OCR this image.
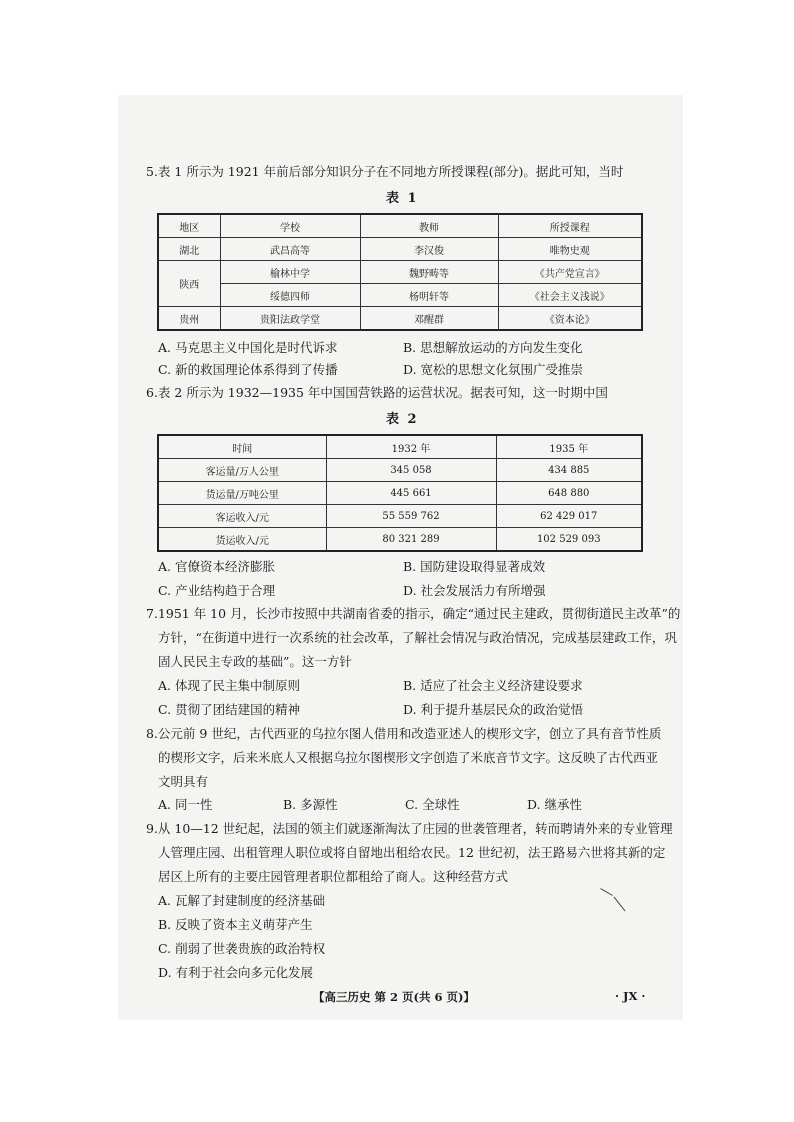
5.表 1 所示为 1921 年前后部分知识分子在不同地方所授课程(部分)。据此可知，当时
表 1
地区	学校	教师	所授课程
湖北	武昌高等	李汉俊	唯物史观
陕西	榆林中学	魏野畴等	《共产党宣言》
	绥德四师	杨明轩等	《社会主义浅说》
贵州	贵阳法政学堂	邓醒群	《资本论》
A. 马克思主义中国化是时代诉求	B. 思想解放运动的方向发生变化
C. 新的救国理论体系得到了传播	D. 宽松的思想文化氛围广受推崇
6.表 2 所示为 1932—1935 年中国国营铁路的运营状况。据表可知，这一时期中国
表 2
时间	1932 年	1935 年
客运量/万人公里	345 058	434 885
货运量/万吨公里	445 661	648 880
客运收入/元	55 559 762	62 429 017
货运收入/元	80 321 289	102 529 093
A. 官僚资本经济膨胀	B. 国防建设取得显著成效
C. 产业结构趋于合理	D. 社会发展活力有所增强
7.1951 年 10 月，长沙市按照中共湖南省委的指示，确定“通过民主建政，贯彻街道民主改革”的
方针，“在街道中进行一次系统的社会改革，了解社会情况与政治情况，完成基层建政工作，巩
固人民民主专政的基础”。这一方针
A. 体现了民主集中制原则	B. 适应了社会主义经济建设要求
C. 贯彻了团结建国的精神	D. 利于提升基层民众的政治觉悟
8.公元前 9 世纪，古代西亚的乌拉尔图人借用和改造亚述人的楔形文字，创立了具有音节性质
的楔形文字，后来米底人又根据乌拉尔图楔形文字创造了米底音节文字。这反映了古代西亚
文明具有
A. 同一性	B. 多源性	C. 全球性	D. 继承性
9.从 10—12 世纪起，法国的领主们就逐渐淘汰了庄园的世袭管理者，转而聘请外来的专业管理
人管理庄园、出租管理人职位或将自留地出租给农民。12 世纪初，法王路易六世将其新的定
居区上所有的主要庄园管理者职位都租给了商人。这种经营方式
A. 瓦解了封建制度的经济基础
B. 反映了资本主义萌芽产生
C. 削弱了世袭贵族的政治特权
D. 有利于社会向多元化发展
【高三历史 第 2 页(共 6 页)】	· JX ·
